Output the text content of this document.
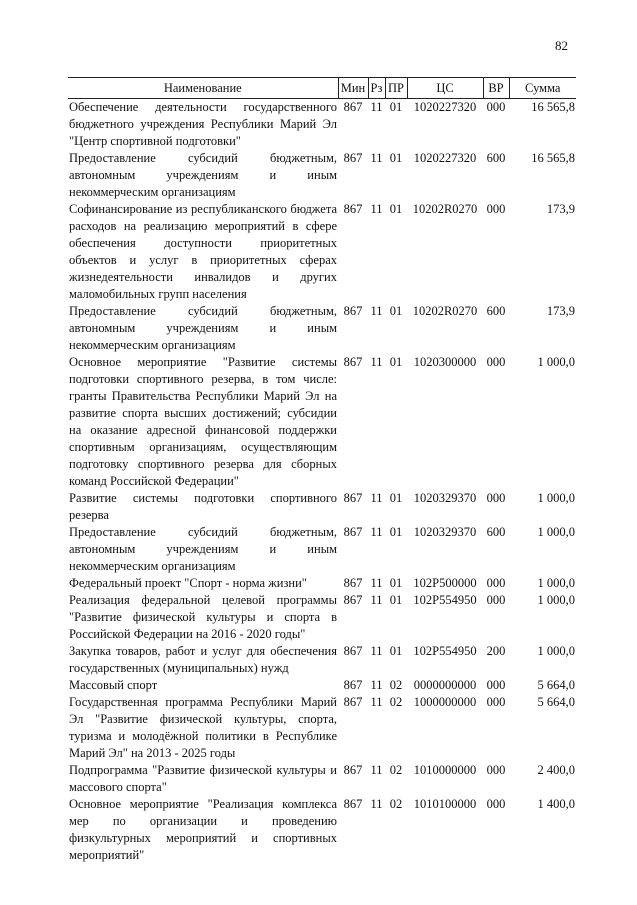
82
Наименование	Мин	Рз	ПР	ЦС	ВР	Сумма
Обеспечение деятельности государственного бюджетного учреждения Республики Марий Эл "Центр спортивной подготовки"	867	11	01	1020227320	000	16 565,8
Предоставление субсидий бюджетным, автономным учреждениям и иным некоммерческим организациям	867	11	01	1020227320	600	16 565,8
Софинансирование из республиканского бюджета расходов на реализацию мероприятий в сфере обеспечения доступности приоритетных объектов и услуг в приоритетных сферах жизнедеятельности инвалидов и других маломобильных групп населения	867	11	01	10202R0270	000	173,9
Предоставление субсидий бюджетным, автономным учреждениям и иным некоммерческим организациям	867	11	01	10202R0270	600	173,9
Основное мероприятие "Развитие системы подготовки спортивного резерва, в том числе: гранты Правительства Республики Марий Эл на развитие спорта высших достижений; субсидии на оказание адресной финансовой поддержки спортивным организациям, осуществляющим подготовку спортивного резерва для сборных команд Российской Федерации"	867	11	01	1020300000	000	1 000,0
Развитие системы подготовки спортивного резерва	867	11	01	1020329370	000	1 000,0
Предоставление субсидий бюджетным, автономным учреждениям и иным некоммерческим организациям	867	11	01	1020329370	600	1 000,0
Федеральный проект "Спорт - норма жизни"	867	11	01	102P500000	000	1 000,0
Реализация федеральной целевой программы "Развитие физической культуры и спорта в Российской Федерации на 2016 - 2020 годы"	867	11	01	102P554950	000	1 000,0
Закупка товаров, работ и услуг для обеспечения государственных (муниципальных) нужд	867	11	01	102P554950	200	1 000,0
Массовый спорт	867	11	02	0000000000	000	5 664,0
Государственная программа Республики Марий Эл "Развитие физической культуры, спорта, туризма и молодёжной политики в Республике Марий Эл" на 2013 - 2025 годы	867	11	02	1000000000	000	5 664,0
Подпрограмма "Развитие физической культуры и массового спорта"	867	11	02	1010000000	000	2 400,0
Основное мероприятие "Реализация комплекса мер по организации и проведению физкультурных мероприятий и спортивных мероприятий"	867	11	02	1010100000	000	1 400,0
